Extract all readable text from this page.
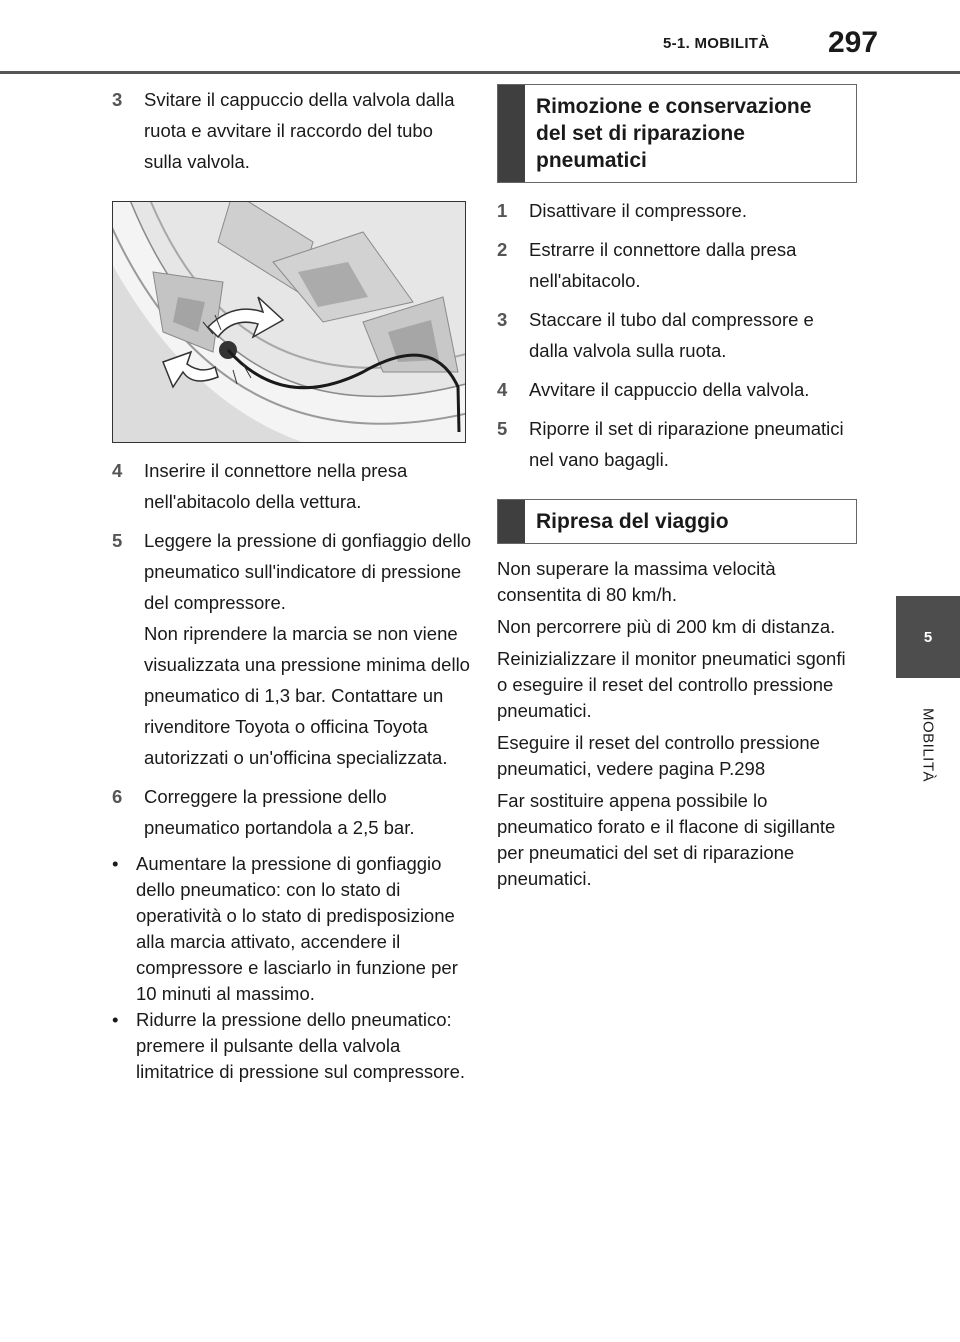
5-1. MOBILITÀ 297
5
MOBILITÀ
3	Svitare il cappuccio della valvola dalla ruota e avvitare il raccordo del tubo sulla valvola.
4	Inserire il connettore nella presa nell'abitacolo della vettura.
5	Leggere la pressione di gonfiaggio dello pneumatico sull'indicatore di pressione del compressore.
Non riprendere la marcia se non viene visualizzata una pressione minima dello pneumatico di 1,3 bar. Contattare un rivenditore Toyota o officina Toyota autorizzati o un'officina specializzata.
6	Correggere la pressione dello pneumatico portandola a 2,5 bar.
• Aumentare la pressione di gonfiaggio dello pneumatico: con lo stato di operatività o lo stato di predisposizione alla marcia attivato, accendere il compressore e lasciarlo in funzione per 10 minuti al massimo.
• Ridurre la pressione dello pneumatico: premere il pulsante della valvola limitatrice di pressione sul compressore.
Rimozione e conservazione del set di riparazione pneumatici
1	Disattivare il compressore.
2	Estrarre il connettore dalla presa nell'abitacolo.
3	Staccare il tubo dal compressore e dalla valvola sulla ruota.
4	Avvitare il cappuccio della valvola.
5	Riporre il set di riparazione pneumatici nel vano bagagli.
Ripresa del viaggio
Non superare la massima velocità consentita di 80 km/h.
Non percorrere più di 200 km di distanza.
Reinizializzare il monitor pneumatici sgonfi o eseguire il reset del controllo pressione pneumatici.
Eseguire il reset del controllo pressione pneumatici, vedere pagina P.298
Far sostituire appena possibile lo pneumatico forato e il flacone di sigillante per pneumatici del set di riparazione pneumatici.
